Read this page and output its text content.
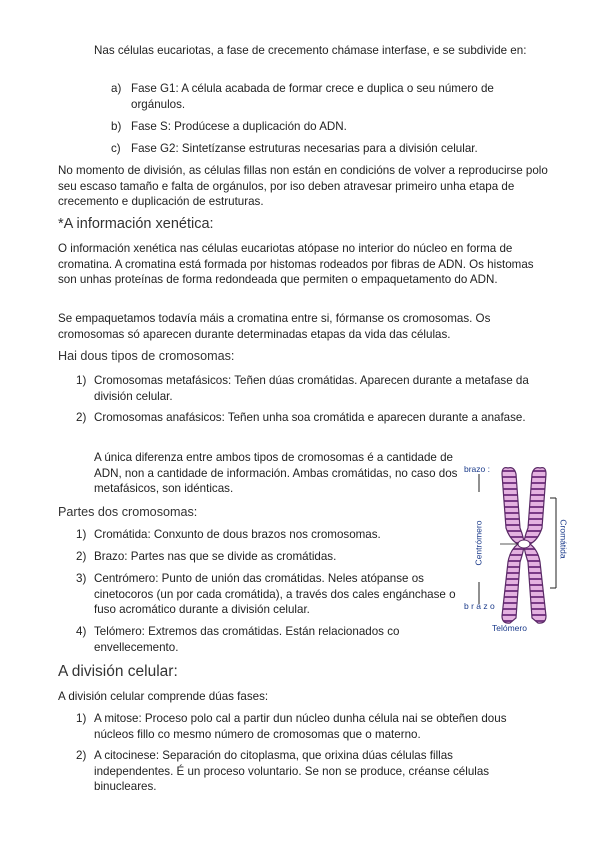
Nas células eucariotas, a fase de crecemento chámase interfase, e se subdivide en:

a) Fase G1: A célula acabada de formar crece e duplica o seu número de orgánulos.

b) Fase S: Prodúcese a duplicación do ADN.

c) Fase G2: Sintetízanse estruturas necesarias para a división celular.

No momento de división, as células fillas non están en condicións de volver a reproducirse polo seu escaso tamaño e falta de orgánulos, por iso deben atravesar primeiro unha etapa de crecemento e duplicación de estruturas.

*A información xenética:

O información xenética nas células eucariotas atópase no interior do núcleo en forma de cromatina. A cromatina está formada por histomas rodeados por fibras de ADN. Os histomas son unhas proteínas de forma redondeada que permiten o empaquetamento do ADN.

Se empaquetamos todavía máis a cromatina entre si, fórmanse os cromosomas. Os cromosomas só aparecen durante determinadas etapas da vida das células.

Hai dous tipos de cromosomas:

1) Cromosomas metafásicos: Teñen dúas cromátidas. Aparecen durante a metafase da división celular.

2) Cromosomas anafásicos: Teñen unha soa cromátida e aparecen durante a anafase.

A única diferenza entre ambos tipos de cromosomas é a cantidade de ADN, non a cantidade de información. Ambas cromátidas, no caso dos metafásicos, son idénticas.

Partes dos cromosomas:

1) Cromátida: Conxunto de dous brazos nos cromosomas.

2) Brazo: Partes nas que se divide as cromátidas.

3) Centrómero: Punto de unión das cromátidas. Neles atópanse os cinetocoros (un por cada cromátida), a través dos cales engánchase o fuso acromático durante a división celular.

4) Telómero: Extremos das cromátidas. Están relacionados co envellecemento.

brazo :
b r a z o
Centrómero	Cromátida
Telómero

A división celular:

A división celular comprende dúas fases:

1) A mitose: Proceso polo cal a partir dun núcleo dunha célula nai se obteñen dous núcleos fillo co mesmo número de cromosomas que o materno.

2) A citocinese: Separación do citoplasma, que orixina dúas células fillas independentes. É un proceso voluntario. Se non se produce, créanse células binucleares.
